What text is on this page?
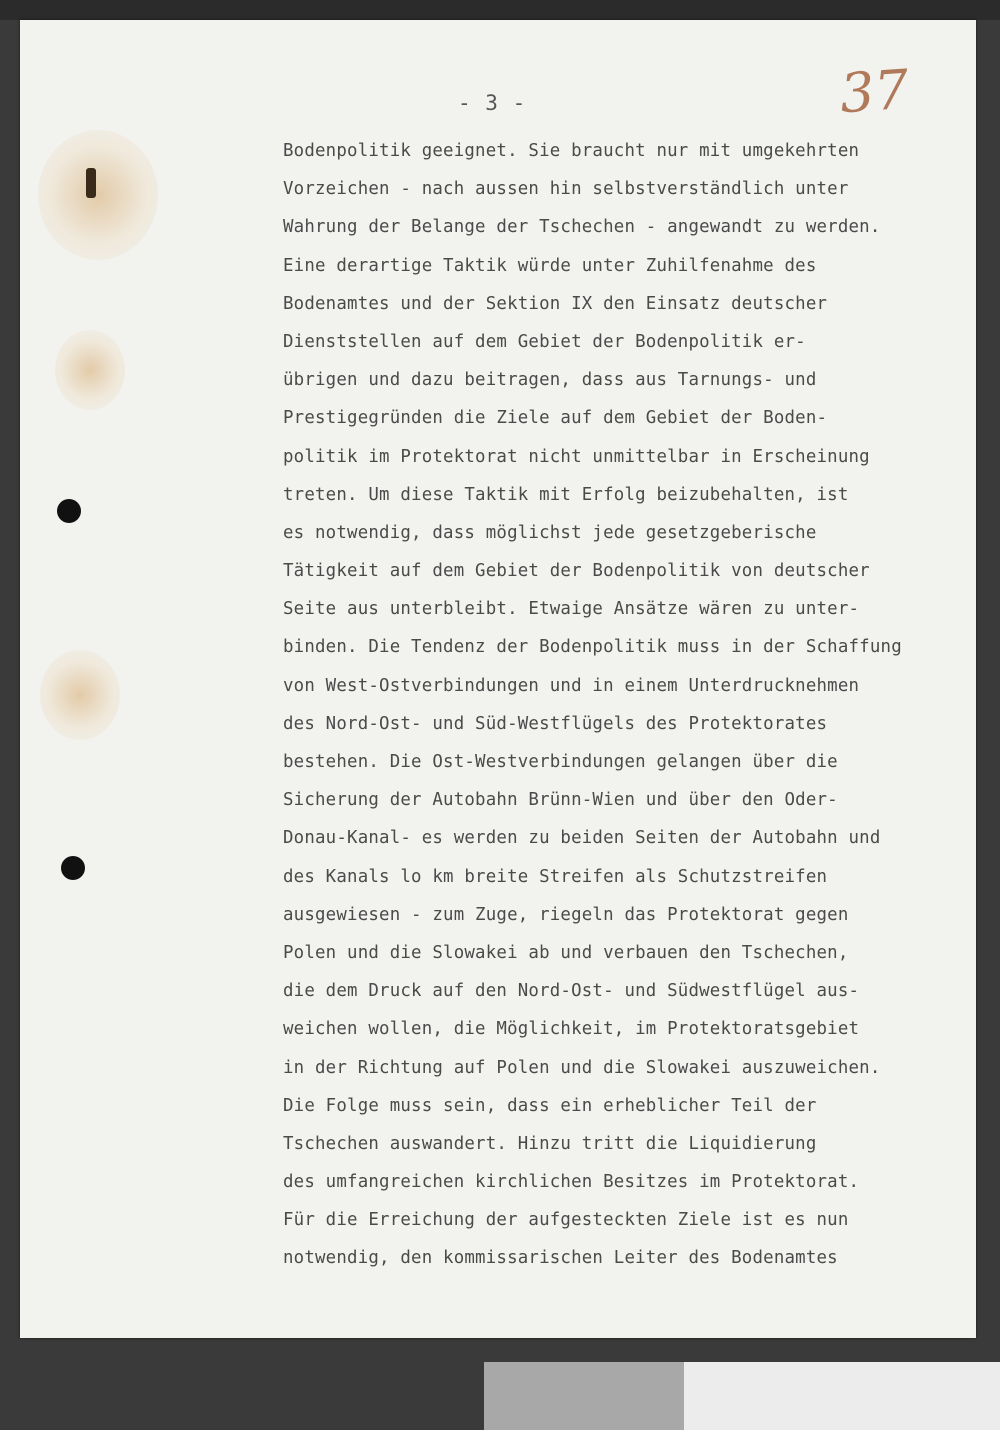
- 3 -	37
Bodenpolitik geeignet. Sie braucht nur mit umgekehrten
Vorzeichen - nach aussen hin selbstverständlich unter
Wahrung der Belange der Tschechen - angewandt zu werden.
Eine derartige Taktik würde unter Zuhilfenahme des
Bodenamtes und der Sektion IX den Einsatz deutscher
Dienststellen auf dem Gebiet der Bodenpolitik er-
übrigen und dazu beitragen, dass aus Tarnungs- und
Prestigegründen die Ziele auf dem Gebiet der Boden-
politik im Protektorat nicht unmittelbar in Erscheinung
treten. Um diese Taktik mit Erfolg beizubehalten, ist
es notwendig, dass möglichst jede gesetzgeberische
Tätigkeit auf dem Gebiet der Bodenpolitik von deutscher
Seite aus unterbleibt. Etwaige Ansätze wären zu unter-
binden. Die Tendenz der Bodenpolitik muss in der Schaffung
von West-Ostverbindungen und in einem Unterdrucknehmen
des Nord-Ost- und Süd-Westflügels des Protektorates
bestehen. Die Ost-Westverbindungen gelangen über die
Sicherung der Autobahn Brünn-Wien und über den Oder-
Donau-Kanal- es werden zu beiden Seiten der Autobahn und
des Kanals lo km breite Streifen als Schutzstreifen
ausgewiesen - zum Zuge, riegeln das Protektorat gegen
Polen und die Slowakei ab und verbauen den Tschechen,
die dem Druck auf den Nord-Ost- und Südwestflügel aus-
weichen wollen, die Möglichkeit, im Protektoratsgebiet
in der Richtung auf Polen und die Slowakei auszuweichen.
Die Folge muss sein, dass ein erheblicher Teil der
Tschechen auswandert. Hinzu tritt die Liquidierung
des umfangreichen kirchlichen Besitzes im Protektorat.
Für die Erreichung der aufgesteckten Ziele ist es nun
notwendig, den kommissarischen Leiter des Bodenamtes
